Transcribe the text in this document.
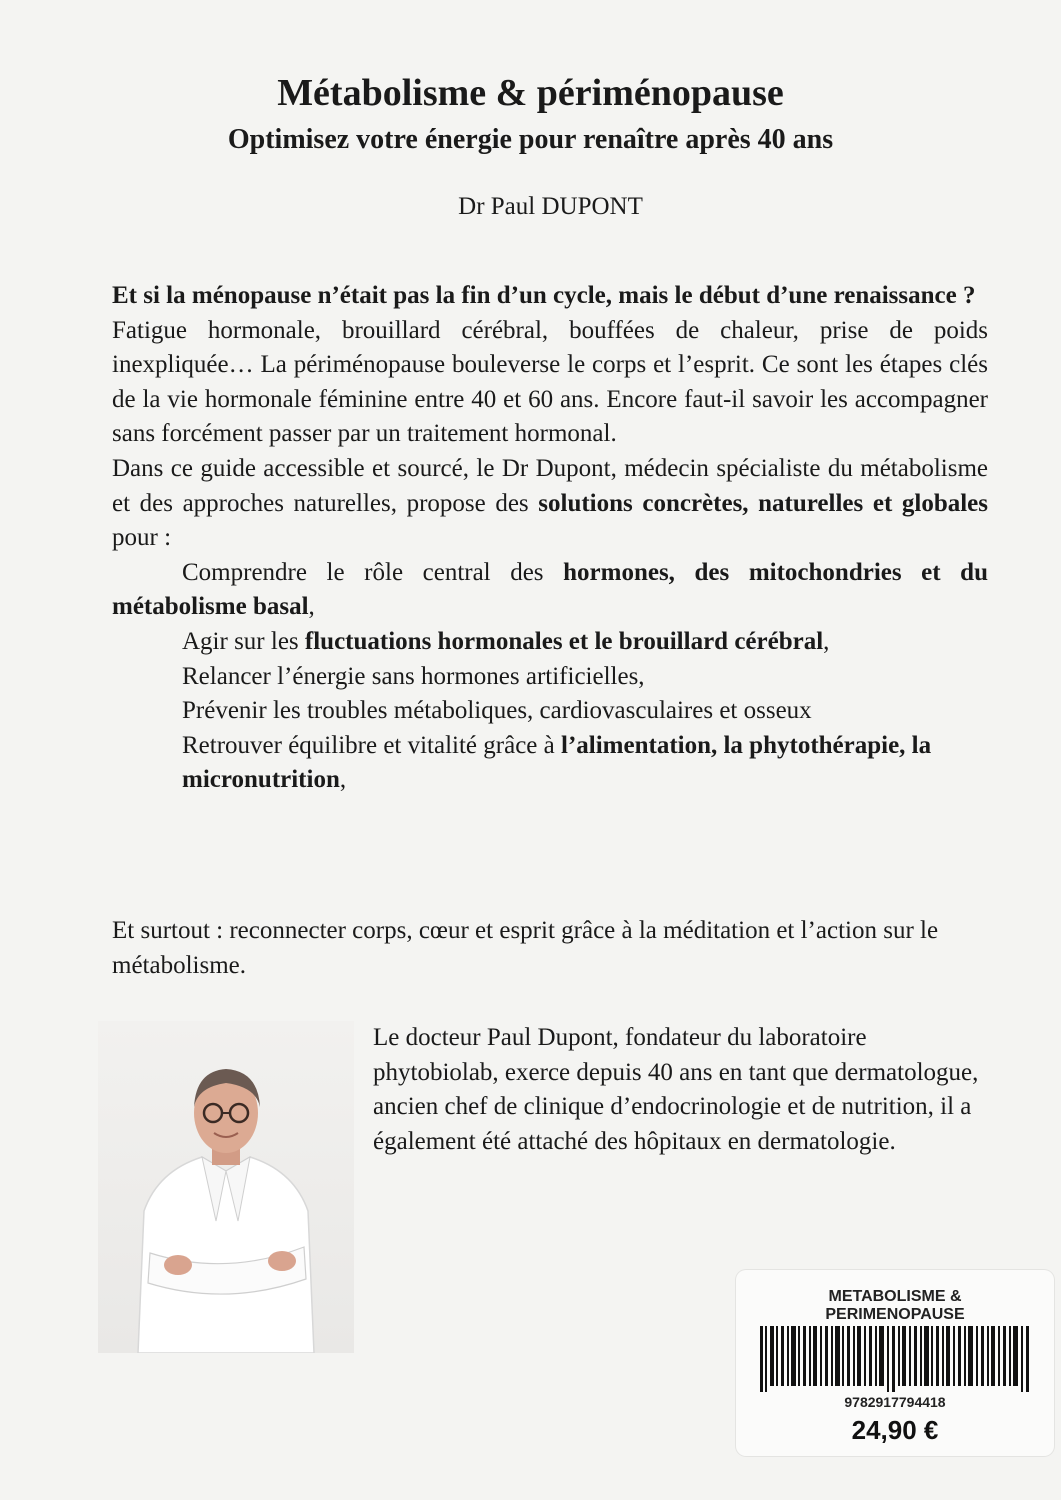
Métabolisme & périménopause
Optimisez votre énergie pour renaître après 40 ans
Dr Paul DUPONT

Et si la ménopause n’était pas la fin d’un cycle, mais le début d’une renaissance ?

Fatigue hormonale, brouillard cérébral, bouffées de chaleur, prise de poids inexpliquée… La périménopause bouleverse le corps et l’esprit. Ce sont les étapes clés de la vie hormonale féminine entre 40 et 60 ans. Encore faut-il savoir les accompagner sans forcément passer par un traitement hormonal.

Dans ce guide accessible et sourcé, le Dr Dupont, médecin spécialiste du métabolisme et des approches naturelles, propose des solutions concrètes, naturelles et globales pour :

Comprendre le rôle central des hormones, des mitochondries et du métabolisme basal,

Agir sur les fluctuations hormonales et le brouillard cérébral,

Relancer l’énergie sans hormones artificielles,

Prévenir les troubles métaboliques, cardiovasculaires et osseux

Retrouver équilibre et vitalité grâce à l’alimentation, la phytothérapie, la micronutrition,

Et surtout : reconnecter corps, cœur et esprit grâce à la méditation et l’action sur le métabolisme.

Le docteur Paul Dupont, fondateur du laboratoire phytobiolab, exerce depuis 40 ans en tant que dermatologue, ancien chef de clinique d’endocrinologie et de nutrition, il a également été attaché des hôpitaux en dermatologie.
METABOLISME &
PERIMENOPAUSE
9782917794418
24,90 €
